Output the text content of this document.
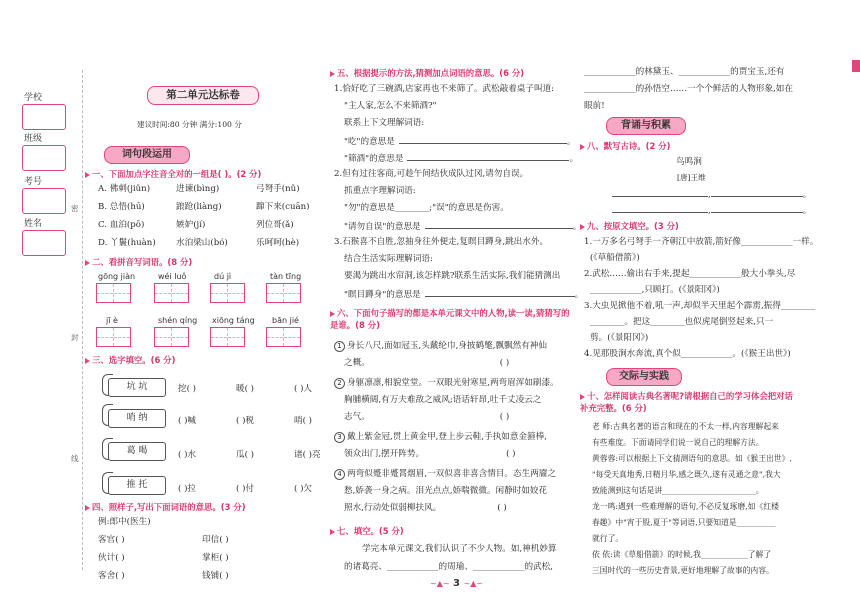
学校
班级
考号
姓名
密
封
线
第二单元达标卷
建议时间:80 分钟 满分:100 分
词句段运用
一、下面加点字注音全对的一组是( )。(2 分)
A. 佛刺(jiǔn)	进谏(bìng)	弓弩手(nǔ)
B. 总悟(hū)	踉跄(liàng)	蹿下来(cuān)
C. 血泊(pō)	嫉妒(jí)	列位哥(ǎ)
D. 丫鬟(huàn) 水泊梁山(bó)	乐呵呵(hè)
二、看拼音写词语。(8 分)
gōng jiàn	wéi luǒ	dú jì	tàn tīng
jī è	shén qíng xiōng táng bān jié
三、选字填空。(6 分)
坑 坑	挖( )	暖( )	( )人
哨 纳	( )喊	( )税	哨( )
葛 喝	( )水	瓜( )	诸( )亮
推 托	( )拉	( )付	( )欠
四、照样子,写出下面词语的意思。(3 分)
例:郎中(医生)
客官( )	印信( )
伙计( )	掌柜( )
客舍( )	钱铺( )
五、根据提示的方法,猜测加点词语的意思。(6 分)
1.恰好吃了三碗酒,店家再也不来筛了。武松敲着桌子叫道:
"主人家,怎么不来筛酒?"
联系上下文理解词语:
"吃"的意思是	。
"筛酒"的意思是	。
2.但有过往客商,可趁午间结伙成队过冈,请勿自误。
抓重点字理解词语:
"勿"的意思是________;"误"的意思是伤害。
"请勿自误"的意思是	。
3.石猴喜不自胜,忽抽身往外便走,复瞑目蹲身,跳出水外。
结合生活实际理解词语:
要渴为跳出水帘洞,该怎样跳?联系生活实际,我们能猜测出
"瞑目蹲身"的意思是	。
六、下面句子描写的都是本单元课文中的人物,读一读,猜猜写的是谁。(8 分)
1 身长八尺,面如冠玉,头戴纶巾,身披鹤氅,飘飘然有神仙
之概。	( )
2 身躯凛凛,相貌堂堂。一双眼光射寒星,两弯眉浑如刷漆。
胸脯横阔,有万夫难敌之威风;语话轩昂,吐千丈凌云之
志气。	( )
3 戴上紫金冠,贯上黄金甲,登上步云鞋,手执如意金箍棒,
领众出门,摆开阵势。	( )
4 两弯似蹙非蹙罥烟眉,一双似喜非喜含情目。态生两靥之
愁,娇袭一身之病。泪光点点,娇喘微微。闲静时如姣花
照水,行动处似弱柳扶风。	( )
七、填空。(5 分)
学完本单元课文,我们认识了不少人物。如,神机妙算
的诸葛亮、____________的周瑜、____________的武松,
____________的林黛玉、____________的贾宝玉,还有
____________的孙悟空……一个个鲜活的人物形象,如在
眼前!
背诵与积累
八、默写古诗。(2 分)
鸟鸣涧
[唐]王维
,	。
,	。
九、按原文填空。(3 分)
1.一万多名弓弩手一齐朝江中放箭,箭好像____________一样。
(《草船借箭》)
2.武松……偷出右手来,提起____________般大小拳头,尽
____________,只顾打。(《景阳冈》)
3.大虫见掀他不着,吼一声,却似半天里起个霹雳,振得________
________。把这________也似虎尾倒竖起来,只一
剪。(《景阳冈》)
4.见那股涧水奔流,真个似____________。(《猴王出世》)
交际与实践
十、怎样阅读古典名著呢?请根据自己的学习体会把对话补充完整。(6 分)
老 师:古典名著的语言和现在的不太一样,内容理解起来
有些难度。下面请同学们说一说自己的理解方法。
黄蓉蓉:可以根据上下文猜测语句的意思。如《猴王出世》,
"每受天真地秀,日精月华,感之既久,遂有灵通之意",我大
致能测到这句话是讲________________________。
龙一鸣:遇到一些难理解的语句,不必反复琢磨,如《红楼
春趣》中"宵于股,夏于"等词语,只要知道是__________
就行了。
依 依:读《草船借箭》的时候,我____________了解了
三国时代的一些历史背景,更好地理解了故事的内容。
~▲~ 3 ~▲~
